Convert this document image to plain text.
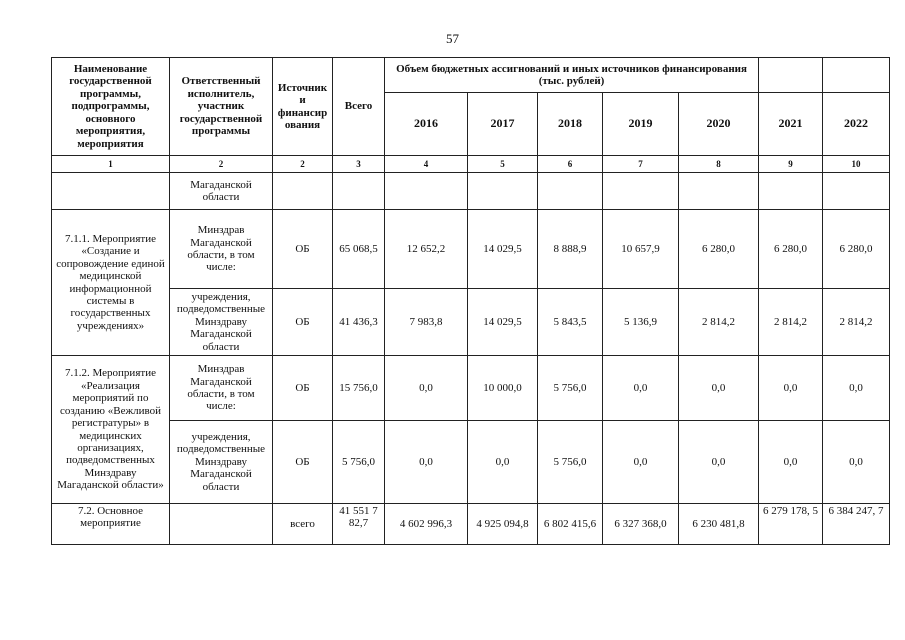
57
Наименование государственной программы, подпрограммы, основного мероприятия, мероприятия	Ответственный исполнитель, участник государственной программы	Источник и финансир ования	Всего	Объем бюджетных ассигнований и иных источников финансирования (тыс. рублей)						
				2016	2017	2018	2019	2020	2021	2022
1	2	2	3	4	5	6	7	8	9	10
	Магаданской области									
7.1.1. Мероприятие «Создание и сопровождение единой медицинской информационной системы в государственных учреждениях»	Минздрав Магаданской области, в том числе:	ОБ	65 068,5	12 652,2	14 029,5	8 888,9	10 657,9	6 280,0	6 280,0	6 280,0
	учреждения, подведомственные Минздраву Магаданской области	ОБ	41 436,3	7 983,8	14 029,5	5 843,5	5 136,9	2 814,2	2 814,2	2 814,2
7.1.2. Мероприятие «Реализация мероприятий по созданию «Вежливой регистратуры» в медицинских организациях, подведомственных Минздраву Магаданской области»	Минздрав Магаданской области, в том числе:	ОБ	15 756,0	0,0	10 000,0	5 756,0	0,0	0,0	0,0	0,0
	учреждения, подведомственные Минздраву Магаданской области	ОБ	5 756,0	0,0	0,0	5 756,0	0,0	0,0	0,0	0,0
7.2. Основное мероприятие		всего	41 551 7 82,7	4 602 996,3	4 925 094,8	6 802 415,6	6 327 368,0	6 230 481,8	6 279 178, 5	6 384 247, 7
